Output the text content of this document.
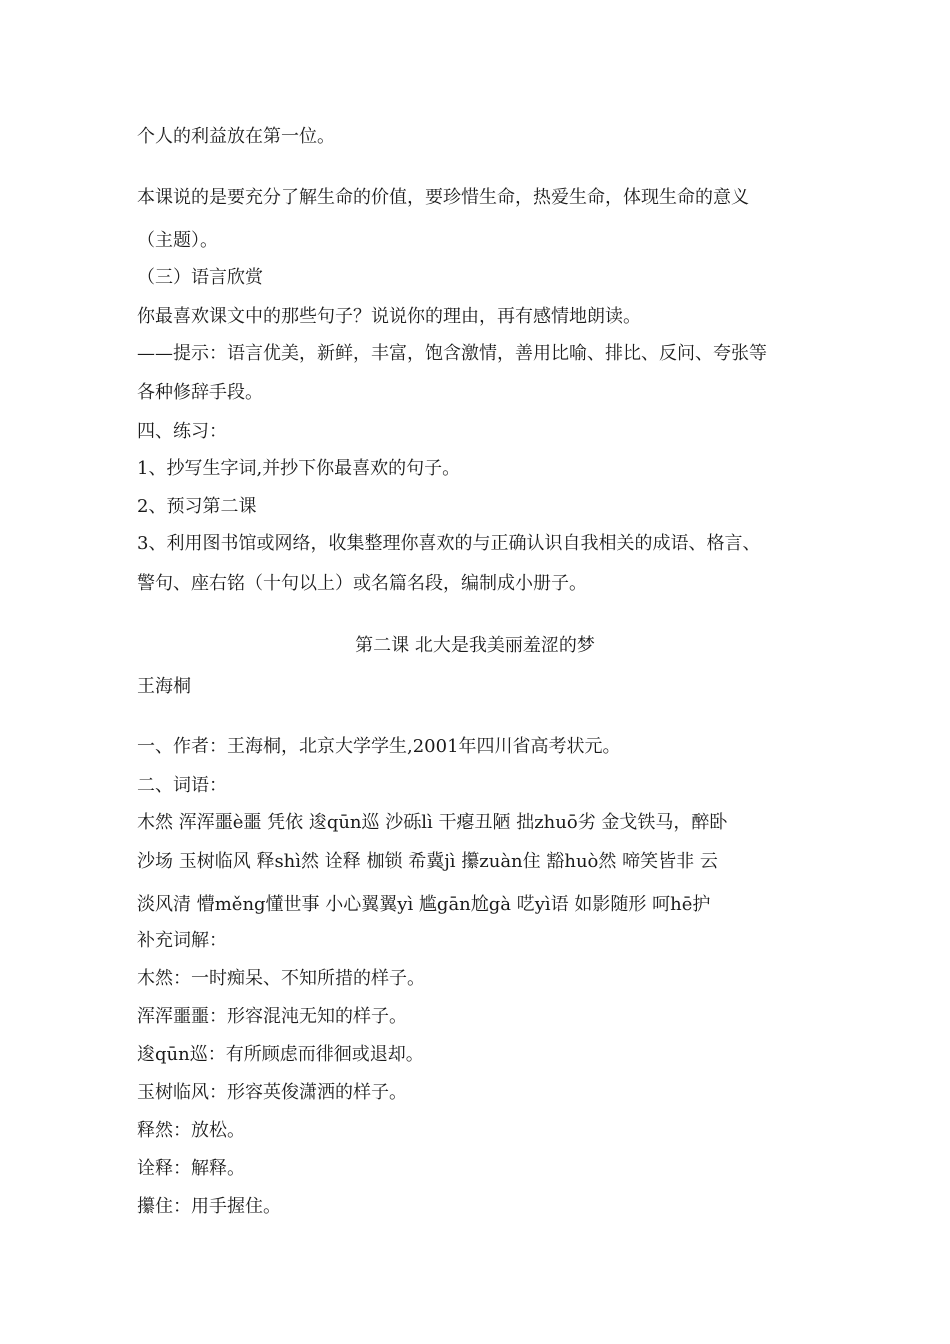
个人的利益放在第一位。
本课说的是要充分了解生命的价值，要珍惜生命，热爱生命，体现生命的意义
（主题）。
（三）语言欣赏
你最喜欢课文中的那些句子？说说你的理由，再有感情地朗读。
——提示：语言优美，新鲜，丰富，饱含激情，善用比喻、排比、反问、夸张等
各种修辞手段。
四、练习：
1、抄写生字词,并抄下你最喜欢的句子。
2、预习第二课
3、利用图书馆或网络，收集整理你喜欢的与正确认识自我相关的成语、格言、
警句、座右铭（十句以上）或名篇名段，编制成小册子。
第二课 北大是我美丽羞涩的梦
王海桐
一、作者：王海桐，北京大学学生,2001年四川省高考状元。
二、词语：
木然 浑浑噩è噩 凭依 逡qūn巡 沙砾lì 干瘪丑陋 拙zhuō劣 金戈铁马，醉卧
沙场 玉树临风 释shì然 诠释 枷锁 希冀jì 攥zuàn住 豁huò然 啼笑皆非 云
淡风清 懵měng懂世事 小心翼翼yì 尴gān尬gà 呓yì语 如影随形 呵hē护
补充词解：
木然：一时痴呆、不知所措的样子。
浑浑噩噩：形容混沌无知的样子。
逡qūn巡：有所顾虑而徘徊或退却。
玉树临风：形容英俊潇洒的样子。
释然：放松。
诠释：解释。
攥住：用手握住。
